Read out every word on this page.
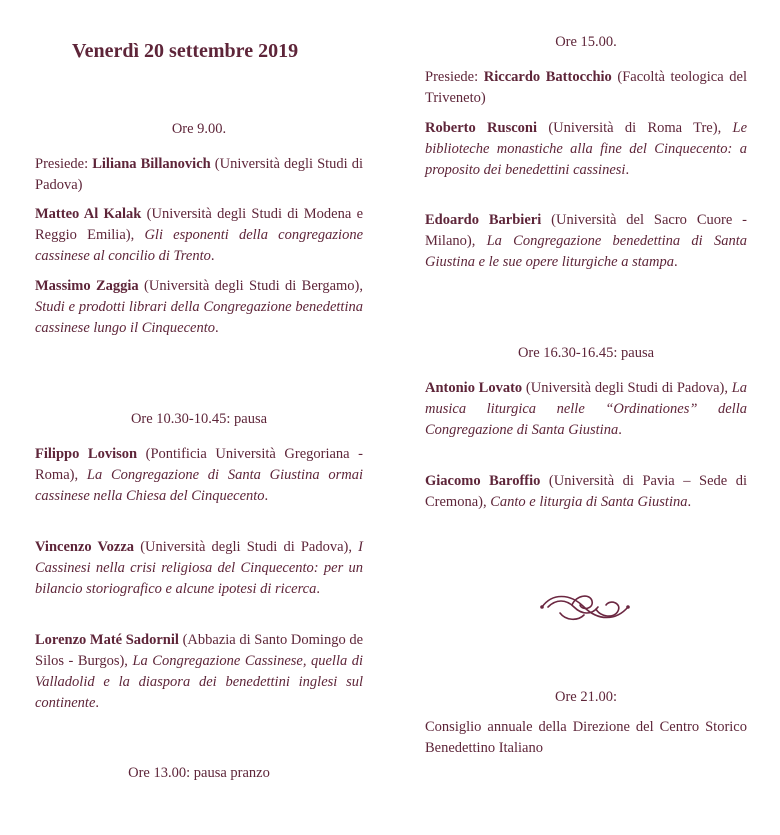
Venerdì 20 settembre 2019
Ore 9.00.
Presiede: Liliana Billanovich (Università degli Studi di Padova)
Matteo Al Kalak (Università degli Studi di Modena e Reggio Emilia), Gli esponenti della congregazione cassinese al concilio di Trento.
Massimo Zaggia (Università degli Studi di Bergamo), Studi e prodotti librari della Congregazione benedettina cassinese lungo il Cinquecento.
Ore 10.30-10.45: pausa
Filippo Lovison (Pontificia Università Gregoriana - Roma), La Congregazione di Santa Giustina ormai cassinese nella Chiesa del Cinquecento.
Vincenzo Vozza (Università degli Studi di Padova), I Cassinesi nella crisi religiosa del Cinquecento: per un bilancio storiografico e alcune ipotesi di ricerca.
Lorenzo Maté Sadornil (Abbazia di Santo Domingo de Silos - Burgos), La Congregazione Cassinese, quella di Valladolid e la diaspora dei benedettini inglesi sul continente.
Ore 13.00: pausa pranzo
Ore 15.00.
Presiede: Riccardo Battocchio (Facoltà teologica del Triveneto)
Roberto Rusconi (Università di Roma Tre), Le biblioteche monastiche alla fine del Cinquecento: a proposito dei benedettini cassinesi.
Edoardo Barbieri (Università del Sacro Cuore - Milano), La Congregazione benedettina di Santa Giustina e le sue opere liturgiche a stampa.
Ore 16.30-16.45: pausa
Antonio Lovato (Università degli Studi di Padova), La musica liturgica nelle “Ordinationes” della Congregazione di Santa Giustina.
Giacomo Baroffio (Università di Pavia – Sede di Cremona), Canto e liturgia di Santa Giustina.
Ore 21.00:
Consiglio annuale della Direzione del Centro Storico Benedettino Italiano
